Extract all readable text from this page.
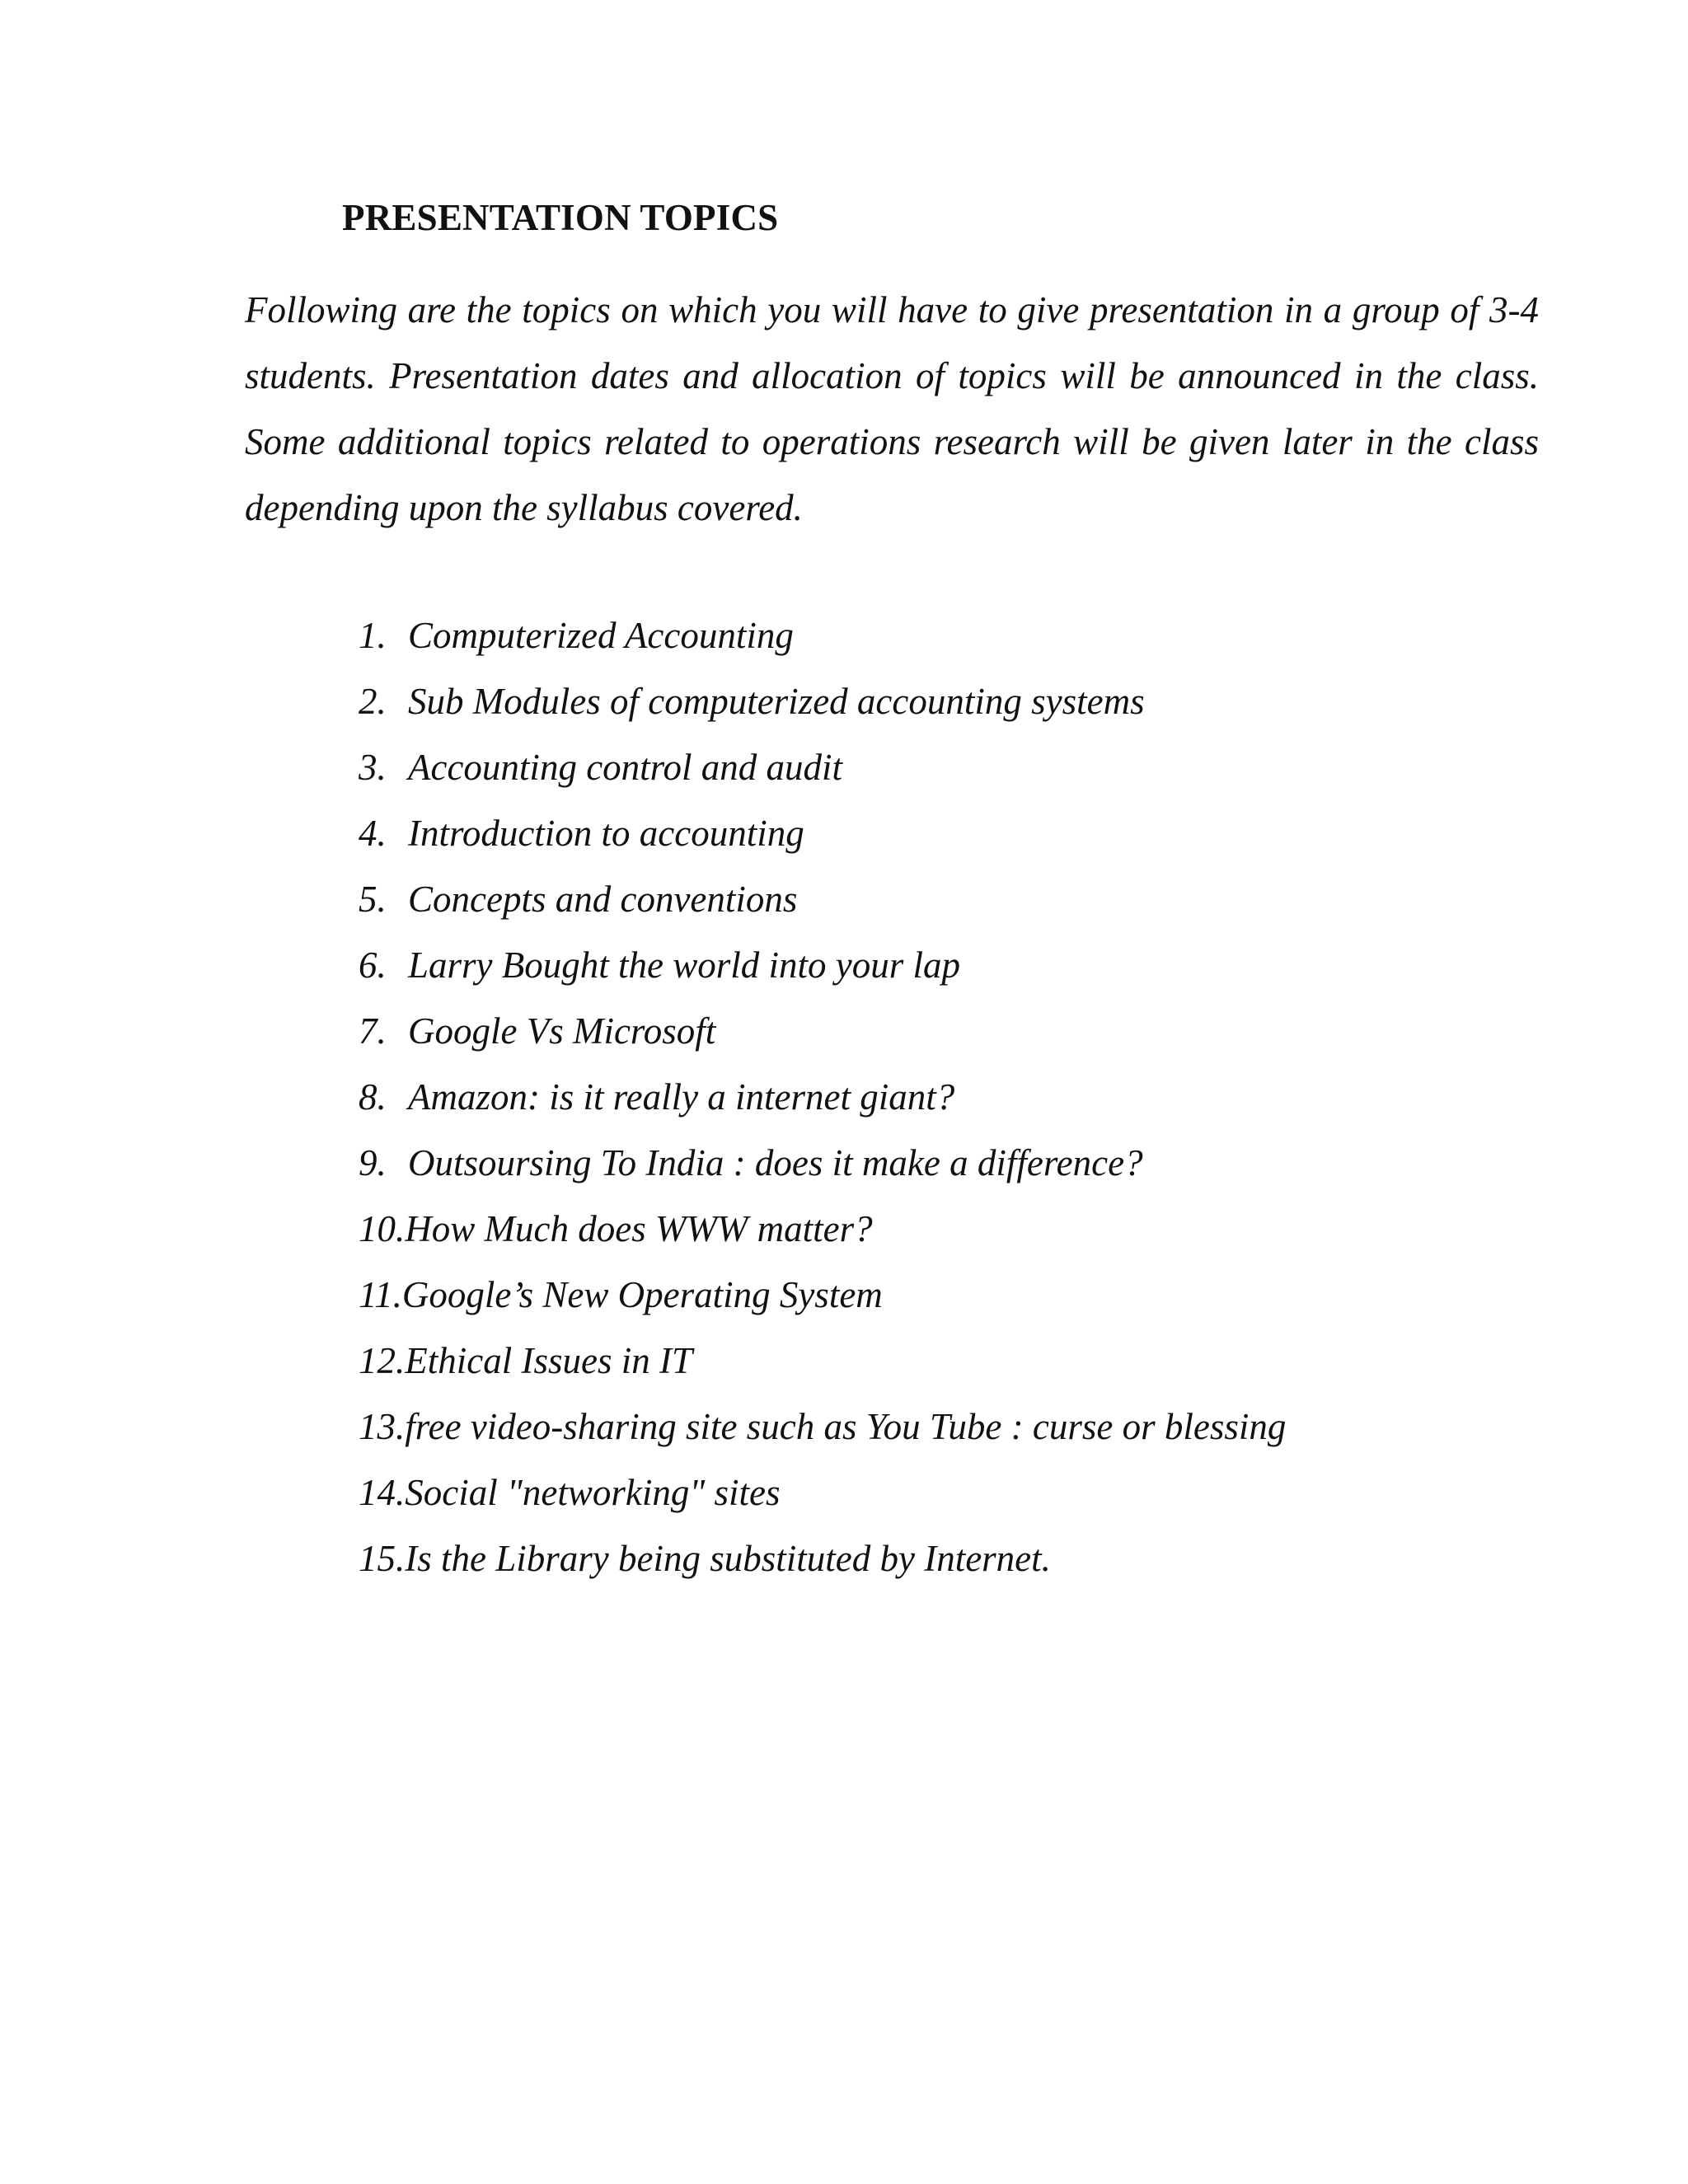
PRESENTATION TOPICS

Following are the topics on which you will have to give presentation in a group of 3-4 students. Presentation dates and allocation of topics will be announced in the class. Some additional topics related to operations research will be given later in the class depending upon the syllabus covered.

1. Computerized Accounting
2. Sub Modules of computerized accounting systems
3. Accounting control and audit
4. Introduction to accounting
5. Concepts and conventions
6. Larry Bought the world into your lap
7. Google Vs Microsoft
8. Amazon: is it really a internet giant?
9. Outsoursing To India : does it make a difference?
10.How Much does WWW matter?
11.Google’s New Operating System
12.Ethical Issues in IT
13.free video-sharing site such as You Tube : curse or blessing
14.Social "networking" sites
15.Is the Library being substituted by Internet.
